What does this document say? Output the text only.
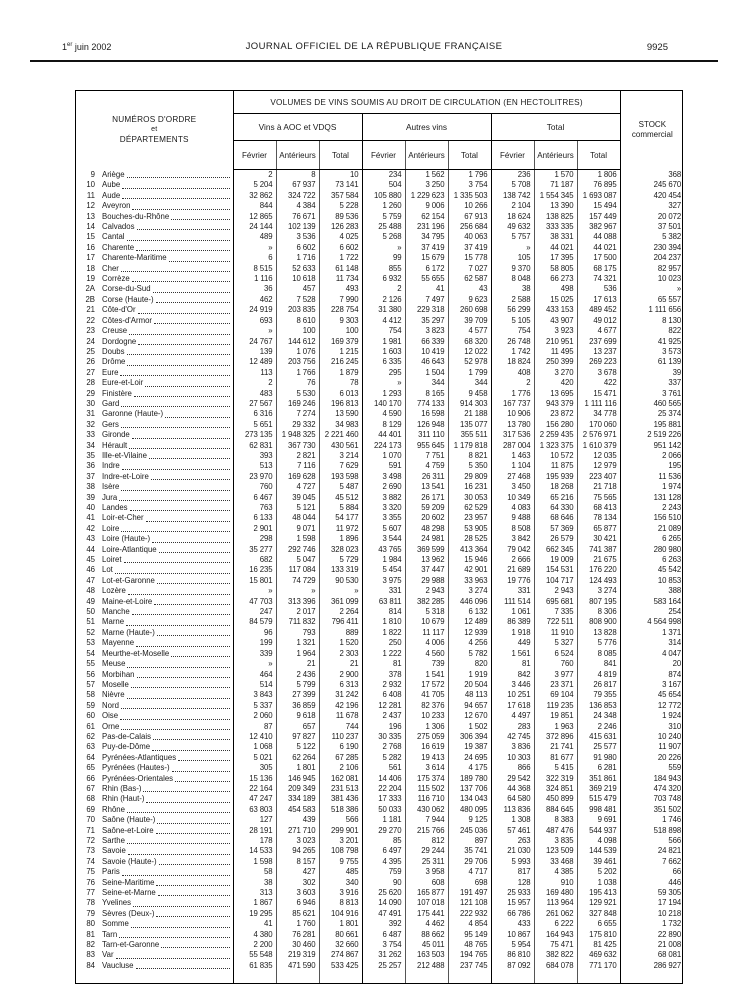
1er juin 2002	JOURNAL OFFICIEL DE LA RÉPUBLIQUE FRANÇAISE	9925
NUMÉROS D'ORDRE
et
DÉPARTEMENTS
	VOLUMES DE VINS SOUMIS AU DROIT DE CIRCULATION (EN HECTOLITRES)	
STOCK
commercial

	Vins à AOC et VDQS			Autres vins			Total			
	Février	Antérieurs	Total	Février	Antérieurs	Total	Février	Antérieurs	Total	

9 Ariège	2	8	10	234	1 562	1 796	236	1 570	1 806	368

10 Aube	5 204	67 937	73 141	504	3 250	3 754	5 708	71 187	76 895	245 670

11 Aude	32 862	324 722	357 584	105 880	1 229 623	1 335 503	138 742	1 554 345	1 693 087	420 454

12 Aveyron	844	4 384	5 228	1 260	9 006	10 266	2 104	13 390	15 494	327

13 Bouches-du-Rhône	12 865	76 671	89 536	5 759	62 154	67 913	18 624	138 825	157 449	20 072

14 Calvados	24 144	102 139	126 283	25 488	231 196	256 684	49 632	333 335	382 967	37 501

15 Cantal	489	3 536	4 025	5 268	34 795	40 063	5 757	38 331	44 088	5 382

16 Charente	»	6 602	6 602	»	37 419	37 419	»	44 021	44 021	230 394

17 Charente-Maritime	6	1 716	1 722	99	15 679	15 778	105	17 395	17 500	204 237

18 Cher	8 515	52 633	61 148	855	6 172	7 027	9 370	58 805	68 175	82 957

19 Corrèze	1 116	10 618	11 734	6 932	55 655	62 587	8 048	66 273	74 321	10 023

2A Corse-du-Sud	36	457	493	2	41	43	38	498	536	»

2B Corse (Haute-)	462	7 528	7 990	2 126	7 497	9 623	2 588	15 025	17 613	65 557

21 Côte-d'Or	24 919	203 835	228 754	31 380	229 318	260 698	56 299	433 153	489 452	1 111 656

22 Côtes-d'Armor	693	8 610	9 303	4 412	35 297	39 709	5 105	43 907	49 012	8 130

23 Creuse	»	100	100	754	3 823	4 577	754	3 923	4 677	822

24 Dordogne	24 767	144 612	169 379	1 981	66 339	68 320	26 748	210 951	237 699	41 925

25 Doubs	139	1 076	1 215	1 603	10 419	12 022	1 742	11 495	13 237	3 573

26 Drôme	12 489	203 756	216 245	6 335	46 643	52 978	18 824	250 399	269 223	61 139

27 Eure	113	1 766	1 879	295	1 504	1 799	408	3 270	3 678	39

28 Eure-et-Loir	2	76	78	»	344	344	2	420	422	337

29 Finistère	483	5 530	6 013	1 293	8 165	9 458	1 776	13 695	15 471	3 761

30 Gard	27 567	169 246	196 813	140 170	774 133	914 303	167 737	943 379	1 111 116	460 565

31 Garonne (Haute-)	6 316	7 274	13 590	4 590	16 598	21 188	10 906	23 872	34 778	25 374

32 Gers	5 651	29 332	34 983	8 129	126 948	135 077	13 780	156 280	170 060	195 881

33 Gironde	273 135	1 948 325	2 221 460	44 401	311 110	355 511	317 536	2 259 435	2 576 971	2 519 226

34 Hérault	62 831	367 730	430 561	224 173	955 645	1 179 818	287 004	1 323 375	1 610 379	951 142

35 Ille-et-Vilaine	393	2 821	3 214	1 070	7 751	8 821	1 463	10 572	12 035	2 066

36 Indre	513	7 116	7 629	591	4 759	5 350	1 104	11 875	12 979	195

37 Indre-et-Loire	23 970	169 628	193 598	3 498	26 311	29 809	27 468	195 939	223 407	11 536

38 Isère	760	4 727	5 487	2 690	13 541	16 231	3 450	18 268	21 718	1 974

39 Jura	6 467	39 045	45 512	3 882	26 171	30 053	10 349	65 216	75 565	131 128

40 Landes	763	5 121	5 884	3 320	59 209	62 529	4 083	64 330	68 413	2 243

41 Loir-et-Cher	6 133	48 044	54 177	3 355	20 602	23 957	9 488	68 646	78 134	156 510

42 Loire	2 901	9 071	11 972	5 607	48 298	53 905	8 508	57 369	65 877	21 089

43 Loire (Haute-)	298	1 598	1 896	3 544	24 981	28 525	3 842	26 579	30 421	6 265

44 Loire-Atlantique	35 277	292 746	328 023	43 765	369 599	413 364	79 042	662 345	741 387	280 980

45 Loiret	682	5 047	5 729	1 984	13 962	15 946	2 666	19 009	21 675	6 263

46 Lot	16 235	117 084	133 319	5 454	37 447	42 901	21 689	154 531	176 220	45 542

47 Lot-et-Garonne	15 801	74 729	90 530	3 975	29 988	33 963	19 776	104 717	124 493	10 853

48 Lozère	»	»	»	331	2 943	3 274	331	2 943	3 274	388

49 Maine-et-Loire	47 703	313 396	361 099	63 811	382 285	446 096	111 514	695 681	807 195	583 164

50 Manche	247	2 017	2 264	814	5 318	6 132	1 061	7 335	8 306	254

51 Marne	84 579	711 832	796 411	1 810	10 679	12 489	86 389	722 511	808 900	4 564 998

52 Marne (Haute-)	96	793	889	1 822	11 117	12 939	1 918	11 910	13 828	1 371

53 Mayenne	199	1 321	1 520	250	4 006	4 256	449	5 327	5 776	314

54 Meurthe-et-Moselle	339	1 964	2 303	1 222	4 560	5 782	1 561	6 524	8 085	4 047

55 Meuse	»	21	21	81	739	820	81	760	841	20

56 Morbihan	464	2 436	2 900	378	1 541	1 919	842	3 977	4 819	874

57 Moselle	514	5 799	6 313	2 932	17 572	20 504	3 446	23 371	26 817	3 167

58 Nièvre	3 843	27 399	31 242	6 408	41 705	48 113	10 251	69 104	79 355	45 654

59 Nord	5 337	36 859	42 196	12 281	82 376	94 657	17 618	119 235	136 853	12 772

60 Oise	2 060	9 618	11 678	2 437	10 233	12 670	4 497	19 851	24 348	1 924

61 Orne	87	657	744	196	1 306	1 502	283	1 963	2 246	310

62 Pas-de-Calais	12 410	97 827	110 237	30 335	275 059	306 394	42 745	372 896	415 631	10 240

63 Puy-de-Dôme	1 068	5 122	6 190	2 768	16 619	19 387	3 836	21 741	25 577	11 907

64 Pyrénées-Atlantiques	5 021	62 264	67 285	5 282	19 413	24 695	10 303	81 677	91 980	20 226

65 Pyrénées (Hautes-)	305	1 801	2 106	561	3 614	4 175	866	5 415	6 281	559

66 Pyrénées-Orientales	15 136	146 945	162 081	14 406	175 374	189 780	29 542	322 319	351 861	184 943

67 Rhin (Bas-)	22 164	209 349	231 513	22 204	115 502	137 706	44 368	324 851	369 219	474 320

68 Rhin (Haut-)	47 247	334 189	381 436	17 333	116 710	134 043	64 580	450 899	515 479	703 748

69 Rhône	63 803	454 583	518 386	50 033	430 062	480 095	113 836	884 645	998 481	351 502

70 Saône (Haute-)	127	439	566	1 181	7 944	9 125	1 308	8 383	9 691	1 746

71 Saône-et-Loire	28 191	271 710	299 901	29 270	215 766	245 036	57 461	487 476	544 937	518 898

72 Sarthe	178	3 023	3 201	85	812	897	263	3 835	4 098	566

73 Savoie	14 533	94 265	108 798	6 497	29 244	35 741	21 030	123 509	144 539	24 821

74 Savoie (Haute-)	1 598	8 157	9 755	4 395	25 311	29 706	5 993	33 468	39 461	7 662

75 Paris	58	427	485	759	3 958	4 717	817	4 385	5 202	66

76 Seine-Maritime	38	302	340	90	608	698	128	910	1 038	446

77 Seine-et-Marne	313	3 603	3 916	25 620	165 877	191 497	25 933	169 480	195 413	59 305

78 Yvelines	1 867	6 946	8 813	14 090	107 018	121 108	15 957	113 964	129 921	17 194

79 Sèvres (Deux-)	19 295	85 621	104 916	47 491	175 441	222 932	66 786	261 062	327 848	10 218

80 Somme	41	1 760	1 801	392	4 462	4 854	433	6 222	6 655	1 732

81 Tarn	4 380	76 281	80 661	6 487	88 662	95 149	10 867	164 943	175 810	22 890

82 Tarn-et-Garonne	2 200	30 460	32 660	3 754	45 011	48 765	5 954	75 471	81 425	21 008

83 Var	55 548	219 319	274 867	31 262	163 503	194 765	86 810	382 822	469 632	68 081

84 Vaucluse	61 835	471 590	533 425	25 257	212 488	237 745	87 092	684 078	771 170	286 927
